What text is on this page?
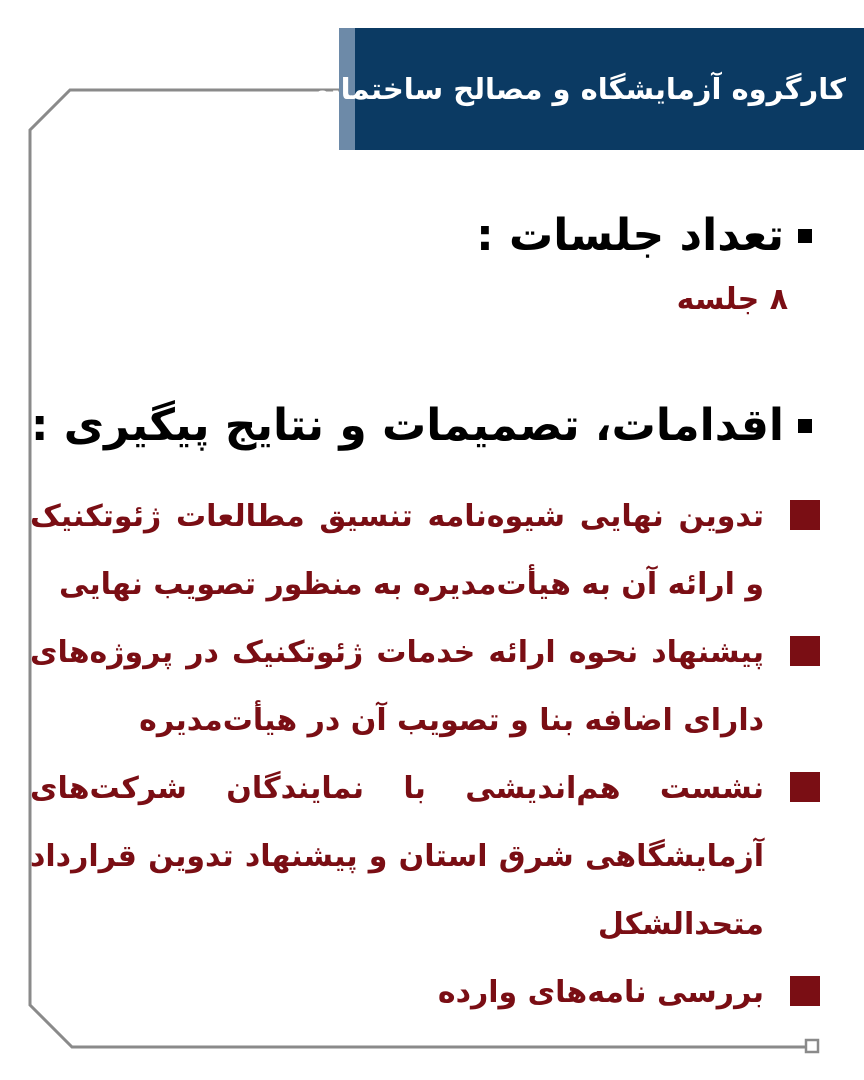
کارگروه آزمایشگاه و مصالح ساختمانی
تعداد جلسات :
۸ جلسه
اقدامات، تصمیمات و نتایج پیگیری :
تدوین نهایی شیوه‌نامه تنسیق مطالعات ژئوتکنیک و ارائه آن به هیأت‌مدیره به منظور تصویب نهایی
پیشنهاد نحوه ارائه خدمات ژئوتکنیک در پروژه‌های دارای اضافه بنا و تصویب آن در هیأت‌مدیره
نشست هم‌اندیشی با نمایندگان شرکت‌های آزمایشگاهی شرق استان و پیشنهاد تدوین قرارداد متحدالشکل
بررسی نامه‌های وارده
